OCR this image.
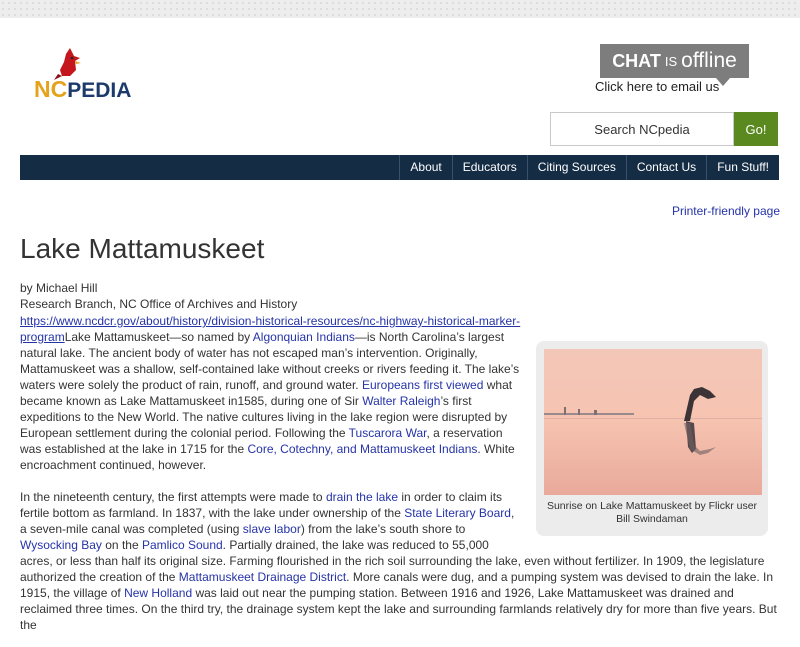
NCPEDIA
CHAT IS offline
Click here to email us
Search NCpedia
Go!
About	Educators	Citing Sources	Contact Us	Fun Stuff!
Printer-friendly page
Lake Mattamuskeet
by Michael Hill
Research Branch, NC Office of Archives and History
Sunrise on Lake Mattamuskeet by Flickr user Bill Swindaman
https://www.ncdcr.gov/about/history/division-historical-resources/nc-highway-historical-marker-programLake Mattamuskeet—so named by Algonquian Indians—is North Carolina’s largest natural lake. The ancient body of water has not escaped man’s intervention. Originally, Mattamuskeet was a shallow, self-contained lake without creeks or rivers feeding it. The lake’s waters were solely the product of rain, runoff, and ground water. Europeans first viewed what became known as Lake Mattamuskeet in1585, during one of Sir Walter Raleigh’s first expeditions to the New World. The native cultures living in the lake region were disrupted by European settlement during the colonial period. Following the Tuscarora War, a reservation was established at the lake in 1715 for the Core, Cotechny, and Mattamuskeet Indians. White encroachment continued, however.

In the nineteenth century, the first attempts were made to drain the lake in order to claim its fertile bottom as farmland. In 1837, with the lake under ownership of the State Literary Board, a seven-mile canal was completed (using slave labor) from the lake’s south shore to Wysocking Bay on the Pamlico Sound. Partially drained, the lake was reduced to 55,000 acres, or less than half its original size. Farming flourished in the rich soil surrounding the lake, even without fertilizer. In 1909, the legislature authorized the creation of the Mattamuskeet Drainage District. More canals were dug, and a pumping system was devised to drain the lake. In 1915, the village of New Holland was laid out near the pumping station. Between 1916 and 1926, Lake Mattamuskeet was drained and reclaimed three times. On the third try, the drainage system kept the lake and surrounding farmlands relatively dry for more than five years. But the
